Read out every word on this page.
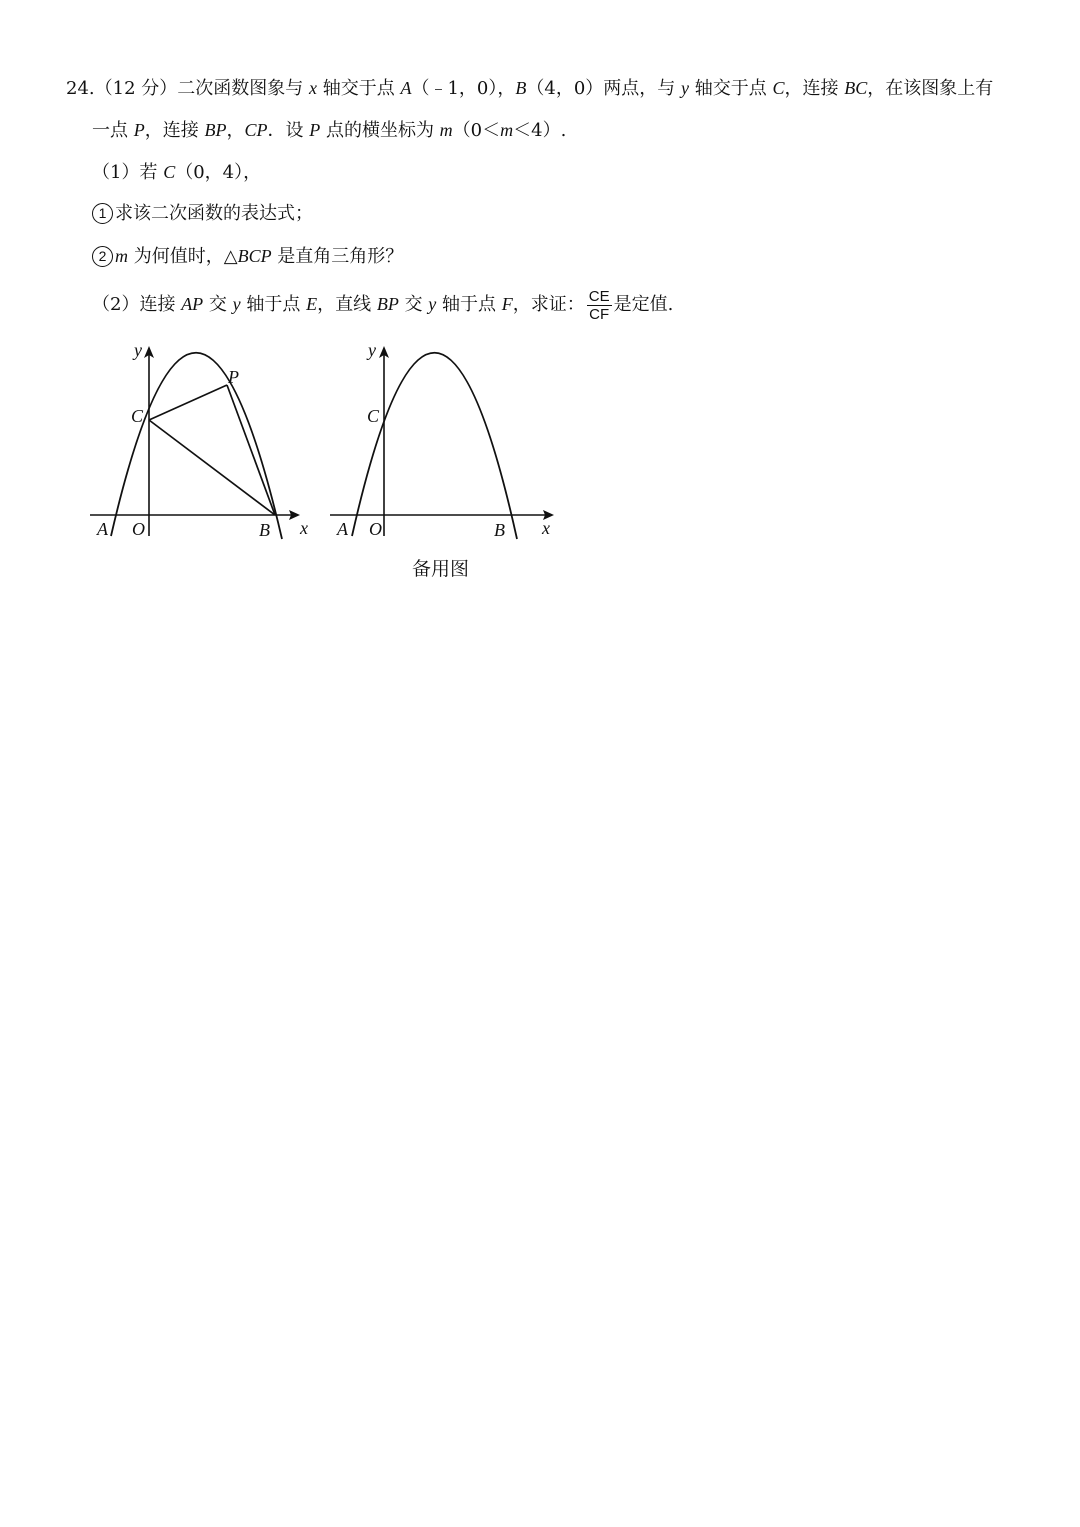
24.（12 分）二次函数图象与 x 轴交于点 A（﹣1，0），B（4，0）两点，与 y 轴交于点 C，连接 BC，在该图象上有
一点 P，连接 BP，CP．设 P 点的横坐标为 m（0＜m＜4）.
（1）若 C（0，4），
1 求该二次函数的表达式；
2 m 为何值时，△BCP 是直角三角形？
（2）连接 AP 交 y 轴于点 E，直线 BP 交 y 轴于点 F，求证： $\frac{CE}{CF}$ 是定值.
y
P
C
A O	B x
y
C
A O	B x
备用图
